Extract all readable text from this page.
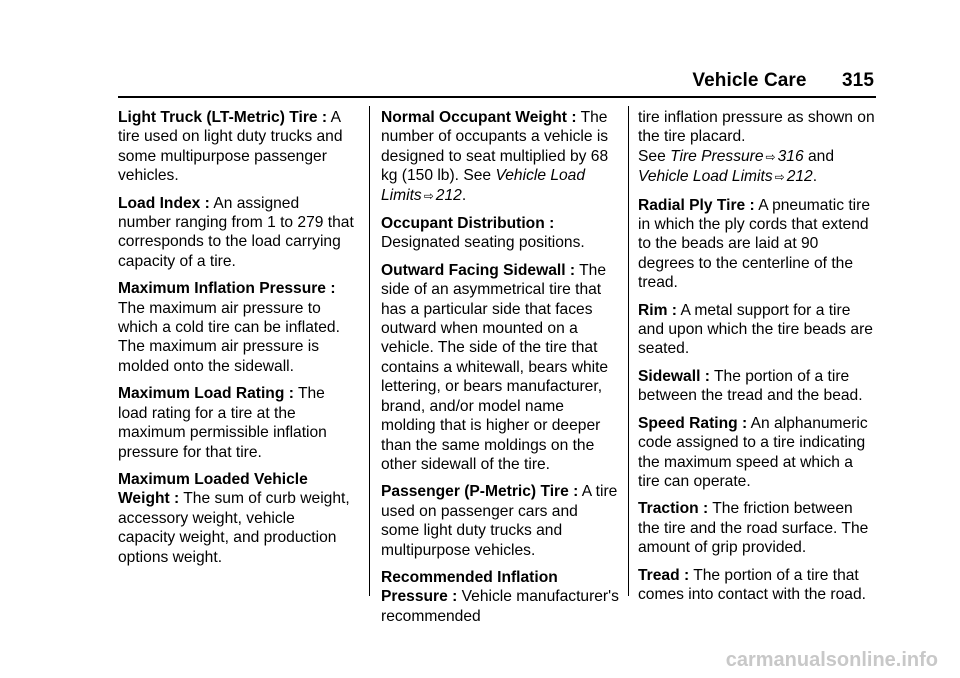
Vehicle Care 315

Light Truck (LT-Metric) Tire : A tire used on light duty trucks and some multipurpose passenger vehicles.

Load Index : An assigned number ranging from 1 to 279 that corresponds to the load carrying capacity of a tire.

Maximum Inflation Pressure : The maximum air pressure to which a cold tire can be inflated. The maximum air pressure is molded onto the sidewall.

Maximum Load Rating : The load rating for a tire at the maximum permissible inflation pressure for that tire.

Maximum Loaded Vehicle Weight : The sum of curb weight, accessory weight, vehicle capacity weight, and production options weight.

Normal Occupant Weight : The number of occupants a vehicle is designed to seat multiplied by 68 kg (150 lb). See Vehicle Load Limits ⇨ 212.

Occupant Distribution :
Designated seating positions.

Outward Facing Sidewall : The side of an asymmetrical tire that has a particular side that faces outward when mounted on a vehicle. The side of the tire that contains a whitewall, bears white lettering, or bears manufacturer, brand, and/or model name molding that is higher or deeper than the same moldings on the other sidewall of the tire.

Passenger (P-Metric) Tire : A tire used on passenger cars and some light duty trucks and multipurpose vehicles.

Recommended Inflation Pressure : Vehicle manufacturer's recommended

tire inflation pressure as shown on the tire placard.
See Tire Pressure ⇨ 316 and
Vehicle Load Limits ⇨ 212.

Radial Ply Tire : A pneumatic tire in which the ply cords that extend to the beads are laid at 90 degrees to the centerline of the tread.

Rim : A metal support for a tire and upon which the tire beads are seated.

Sidewall : The portion of a tire between the tread and the bead.

Speed Rating : An alphanumeric code assigned to a tire indicating the maximum speed at which a tire can operate.

Traction : The friction between the tire and the road surface. The amount of grip provided.

Tread : The portion of a tire that comes into contact with the road.

carmanualsonline.info
